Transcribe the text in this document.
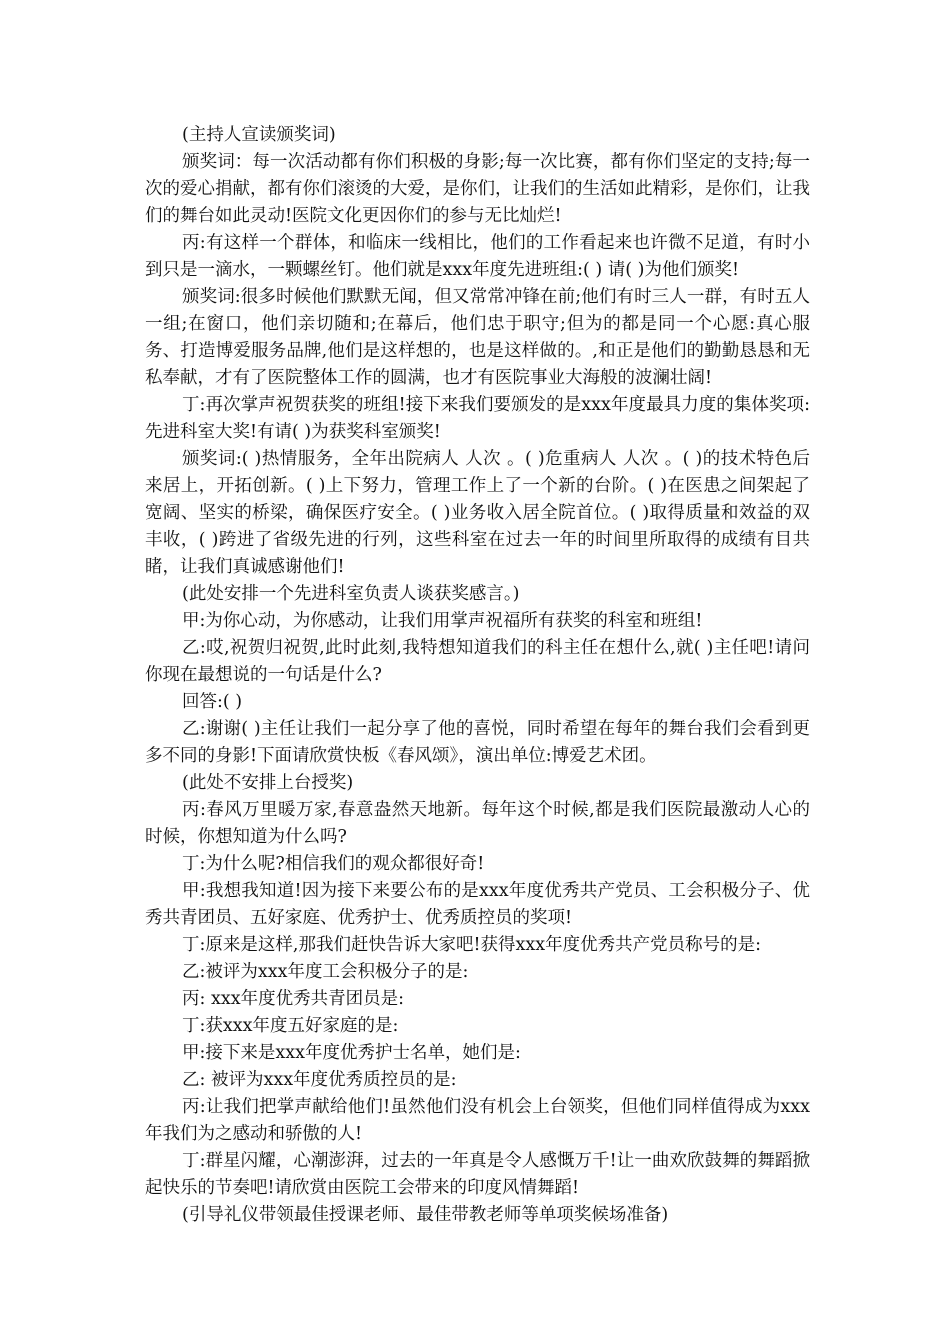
(主持人宣读颁奖词)

颁奖词：每一次活动都有你们积极的身影;每一次比赛，都有你们坚定的支持;每一次的爱心捐献，都有你们滚烫的大爱，是你们，让我们的生活如此精彩，是你们，让我们的舞台如此灵动!医院文化更因你们的参与无比灿烂!

丙:有这样一个群体，和临床一线相比，他们的工作看起来也许微不足道，有时小到只是一滴水，一颗螺丝钉。他们就是xxx年度先进班组:( ) 请( )为他们颁奖!

颁奖词:很多时候他们默默无闻，但又常常冲锋在前;他们有时三人一群，有时五人一组;在窗口，他们亲切随和;在幕后，他们忠于职守;但为的都是同一个心愿:真心服务、打造博爱服务品牌,他们是这样想的，也是这样做的。,和正是他们的勤勤恳恳和无私奉献，才有了医院整体工作的圆满，也才有医院事业大海般的波澜壮阔!

丁:再次掌声祝贺获奖的班组!接下来我们要颁发的是xxx年度最具力度的集体奖项:先进科室大奖!有请( )为获奖科室颁奖!

颁奖词:( )热情服务，全年出院病人 人次 。( )危重病人 人次 。( )的技术特色后来居上，开拓创新。( )上下努力，管理工作上了一个新的台阶。( )在医患之间架起了宽阔、坚实的桥梁，确保医疗安全。( )业务收入居全院首位。( )取得质量和效益的双丰收，( )跨进了省级先进的行列，这些科室在过去一年的时间里所取得的成绩有目共睹，让我们真诚感谢他们!

(此处安排一个先进科室负责人谈获奖感言。)

甲:为你心动，为你感动，让我们用掌声祝福所有获奖的科室和班组!

乙:哎,祝贺归祝贺,此时此刻,我特想知道我们的科主任在想什么,就( )主任吧!请问你现在最想说的一句话是什么?

回答:( )

乙:谢谢( )主任让我们一起分享了他的喜悦，同时希望在每年的舞台我们会看到更多不同的身影!下面请欣赏快板《春风颂》，演出单位:博爱艺术团。

(此处不安排上台授奖)

丙:春风万里暖万家,春意盎然天地新。每年这个时候,都是我们医院最激动人心的时候，你想知道为什么吗?

丁:为什么呢?相信我们的观众都很好奇!

甲:我想我知道!因为接下来要公布的是xxx年度优秀共产党员、工会积极分子、优秀共青团员、五好家庭、优秀护士、优秀质控员的奖项!

丁:原来是这样,那我们赶快告诉大家吧!获得xxx年度优秀共产党员称号的是:

乙:被评为xxx年度工会积极分子的是:

丙: xxx年度优秀共青团员是:

丁:获xxx年度五好家庭的是:

甲:接下来是xxx年度优秀护士名单，她们是:

乙: 被评为xxx年度优秀质控员的是:

丙:让我们把掌声献给他们!虽然他们没有机会上台领奖，但他们同样值得成为xxx年我们为之感动和骄傲的人!

丁:群星闪耀，心潮澎湃，过去的一年真是令人感慨万千!让一曲欢欣鼓舞的舞蹈掀起快乐的节奏吧!请欣赏由医院工会带来的印度风情舞蹈!

(引导礼仪带领最佳授课老师、最佳带教老师等单项奖候场准备)
